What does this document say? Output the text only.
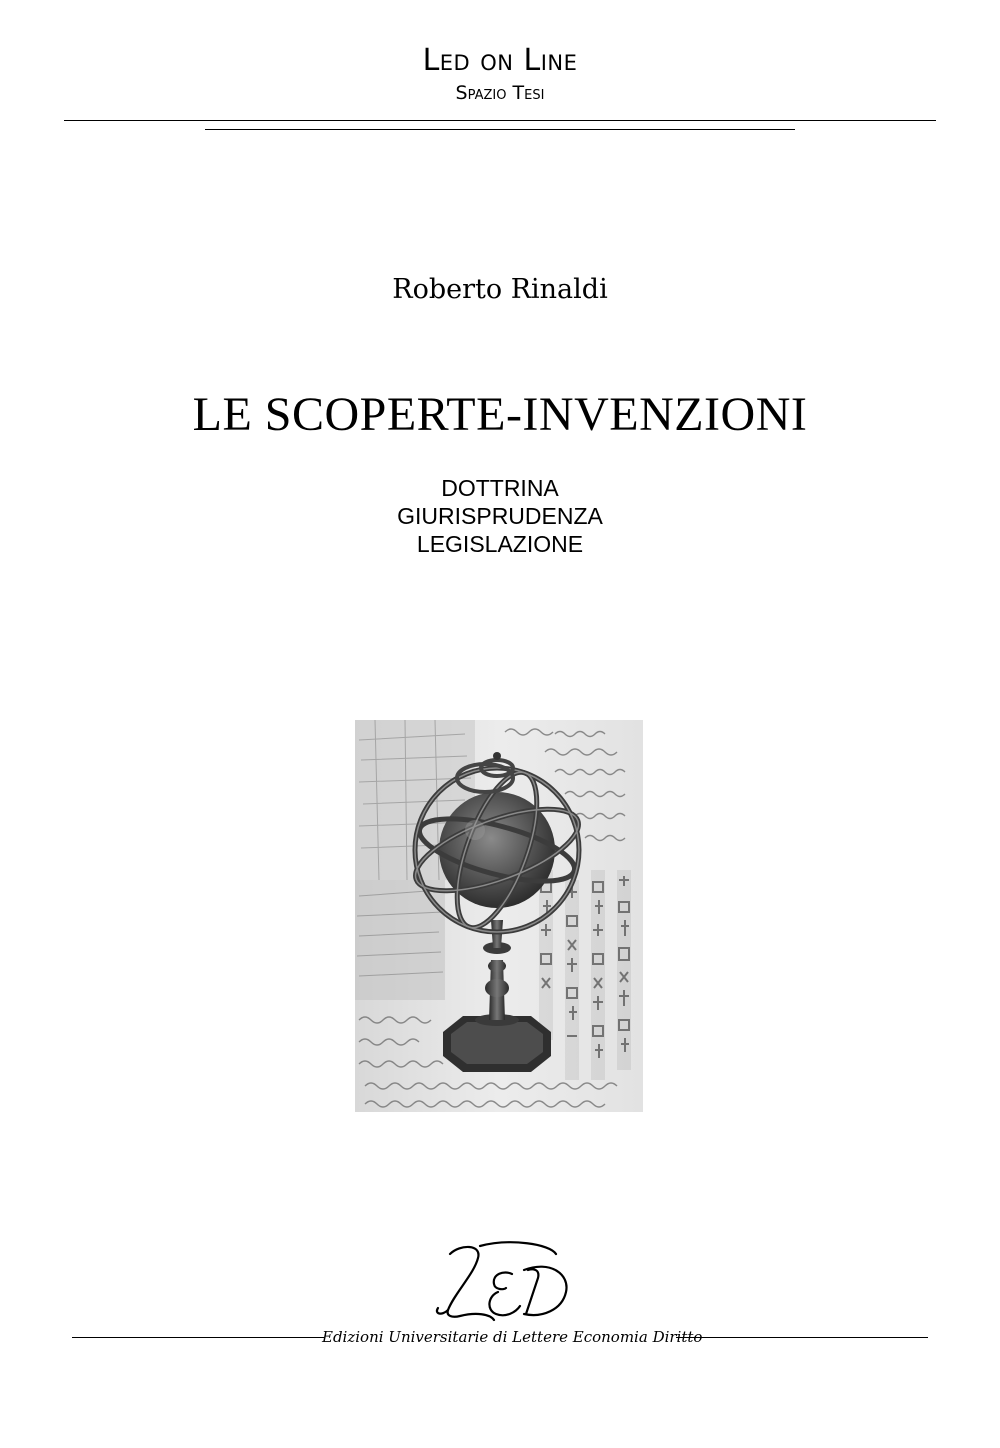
Led on Line
Spazio Tesi
Roberto Rinaldi
LE SCOPERTE-INVENZIONI
DOTTRINA
GIURISPRUDENZA
LEGISLAZIONE
Edizioni Universitarie di Lettere Economia Diritto
